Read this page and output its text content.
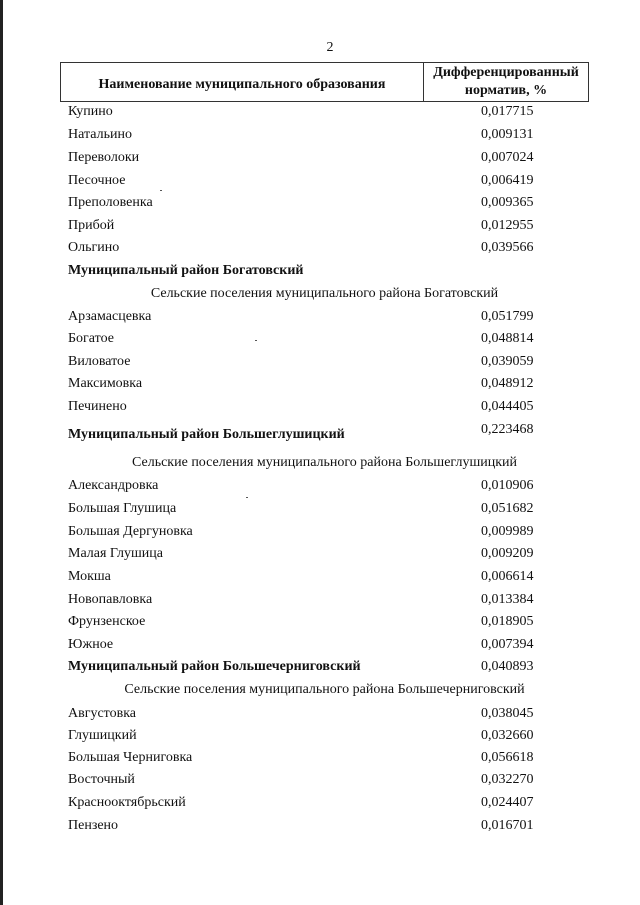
2
Наименование муниципального образования
Дифференцированный
норматив, %
Купино	0,017715
Натальино	0,009131
Переволоки	0,007024
Песочное	0,006419
Преполовенка	0,009365
Прибой	0,012955
Ольгино	0,039566
Муниципальный район Богатовский
Сельские поселения муниципального района Богатовский
Арзамасцевка	0,051799
Богатое	0,048814
Виловатое	0,039059
Максимовка	0,048912
Печинено	0,044405
Муниципальный район Большеглушицкий	0,223468
Сельские поселения муниципального района Большеглушицкий
Александровка	0,010906
Большая Глушица	0,051682
Большая Дергуновка	0,009989
Малая Глушица	0,009209
Мокша	0,006614
Новопавловка	0,013384
Фрунзенское	0,018905
Южное	0,007394
Муниципальный район Большечерниговский	0,040893
Сельские поселения муниципального района Большечерниговский
Августовка	0,038045
Глушицкий	0,032660
Большая Черниговка	0,056618
Восточный	0,032270
Краснооктябрьский	0,024407
Пензено	0,016701
